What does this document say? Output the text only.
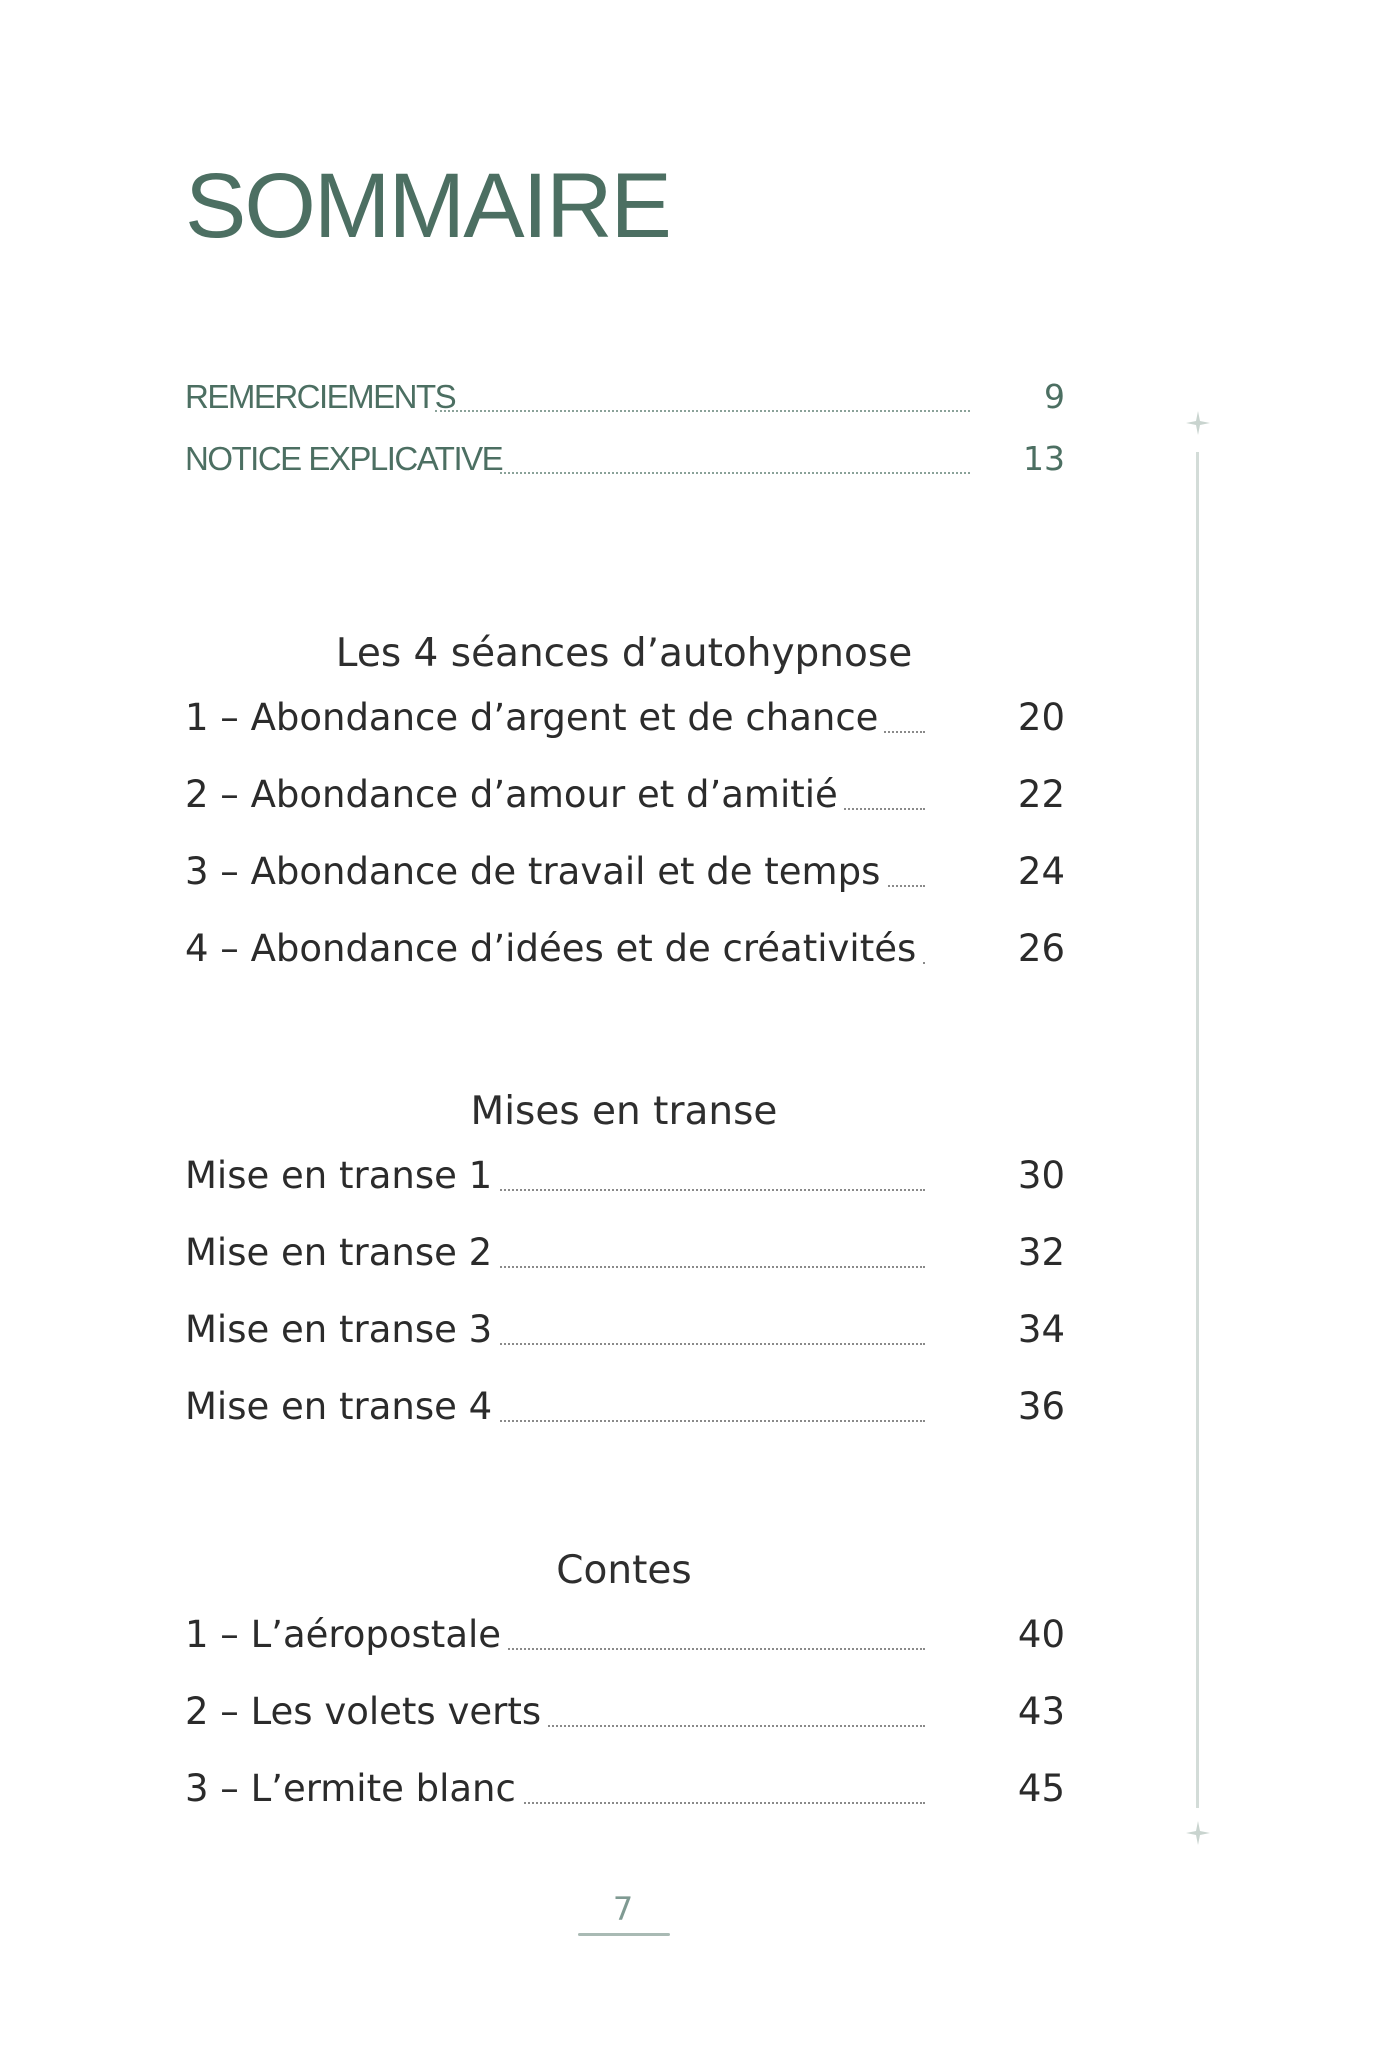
SOMMAIRE
REMERCIEMENTS	9
NOTICE EXPLICATIVE	13
Les 4 séances d’autohypnose
1 – Abondance d’argent et de chance	20
2 – Abondance d’amour et d’amitié	22
3 – Abondance de travail et de temps	24
4 – Abondance d’idées et de créativités	26
Mises en transe
Mise en transe 1	30
Mise en transe 2	32
Mise en transe 3	34
Mise en transe 4	36
Contes
1 – L’aéropostale	40
2 – Les volets verts	43
3 – L’ermite blanc	45
7
